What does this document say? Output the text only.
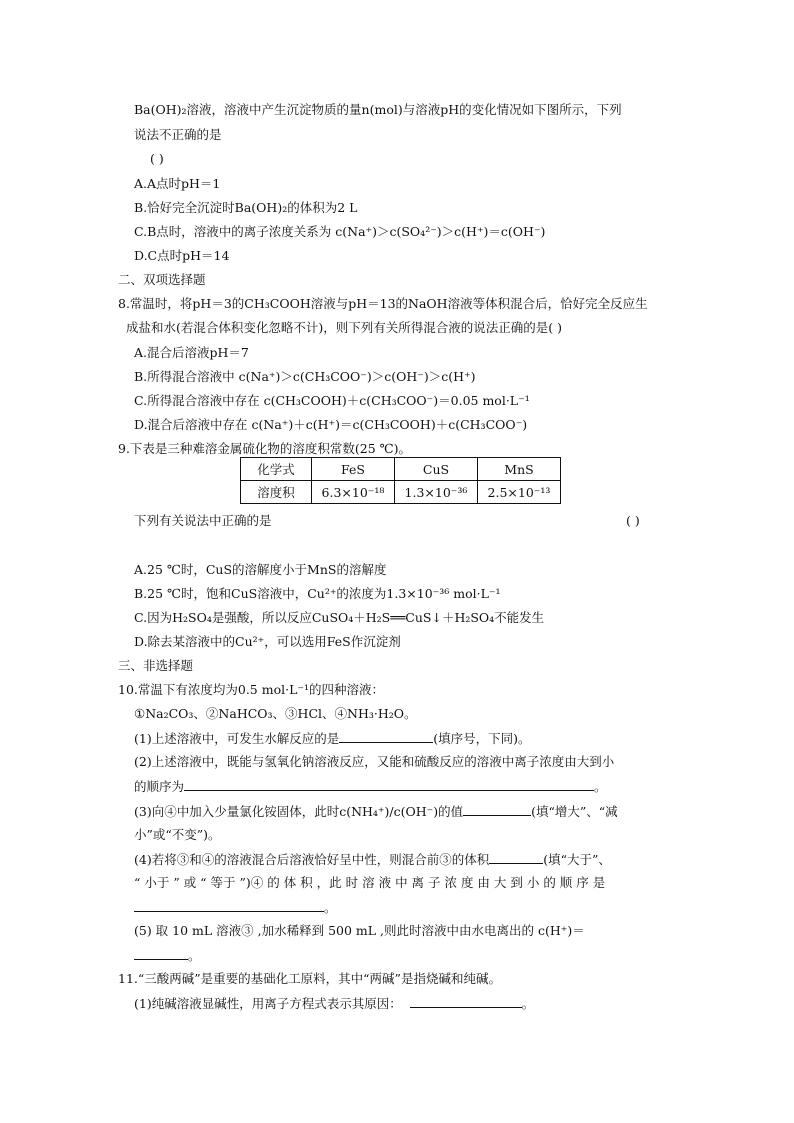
Ba(OH)₂溶液，溶液中产生沉淀物质的量n(mol)与溶液pH的变化情况如下图所示，下列
说法不正确的是
( )
A.A点时pH＝1
B.恰好完全沉淀时Ba(OH)₂的体积为2 L
C.B点时，溶液中的离子浓度关系为 c(Na⁺)＞c(SO₄²⁻)＞c(H⁺)＝c(OH⁻)
D.C点时pH＝14
二、双项选择题
8.常温时，将pH＝3的CH₃COOH溶液与pH＝13的NaOH溶液等体积混合后，恰好完全反应生
成盐和水(若混合体积变化忽略不计)，则下列有关所得混合液的说法正确的是( )
A.混合后溶液pH＝7
B.所得混合溶液中 c(Na⁺)＞c(CH₃COO⁻)＞c(OH⁻)＞c(H⁺)
C.所得混合溶液中存在 c(CH₃COOH)＋c(CH₃COO⁻)＝0.05 mol·L⁻¹
D.混合后溶液中存在 c(Na⁺)＋c(H⁺)＝c(CH₃COOH)＋c(CH₃COO⁻)
9.下表是三种难溶金属硫化物的溶度积常数(25 ℃)。
化学式	FeS	CuS	MnS
溶度积	6.3×10⁻¹⁸	1.3×10⁻³⁶	2.5×10⁻¹³
下列有关说法中正确的是	( )
A.25 ℃时，CuS的溶解度小于MnS的溶解度
B.25 ℃时，饱和CuS溶液中，Cu²⁺的浓度为1.3×10⁻³⁶ mol·L⁻¹
C.因为H₂SO₄是强酸，所以反应CuSO₄＋H₂S══CuS↓＋H₂SO₄不能发生
D.除去某溶液中的Cu²⁺，可以选用FeS作沉淀剂
三、非选择题
10.常温下有浓度均为0.5 mol·L⁻¹的四种溶液：
①Na₂CO₃、②NaHCO₃、③HCl、④NH₃·H₂O。
(1)上述溶液中，可发生水解反应的是	(填序号，下同)。
(2)上述溶液中，既能与氢氧化钠溶液反应，又能和硫酸反应的溶液中离子浓度由大到小
的顺序为	。
(3)向④中加入少量氯化铵固体，此时c(NH₄⁺)/c(OH⁻)的值	(填“增大”、“减
小”或“不变”)。
(4)若将③和④的溶液混合后溶液恰好呈中性，则混合前③的体积	(填“大于”、
“ 小于 ” 或 “ 等于 ”)④ 的 体 积 ，此 时 溶 液 中 离 子 浓 度 由 大 到 小 的 顺 序 是
。
(5) 取 10 mL 溶液③ ,加水稀释到 500 mL ,则此时溶液中由水电离出的 c(H⁺)＝
。
11.“三酸两碱”是重要的基础化工原料，其中“两碱”是指烧碱和纯碱。
(1)纯碱溶液显碱性，用离子方程式表示其原因：	。
